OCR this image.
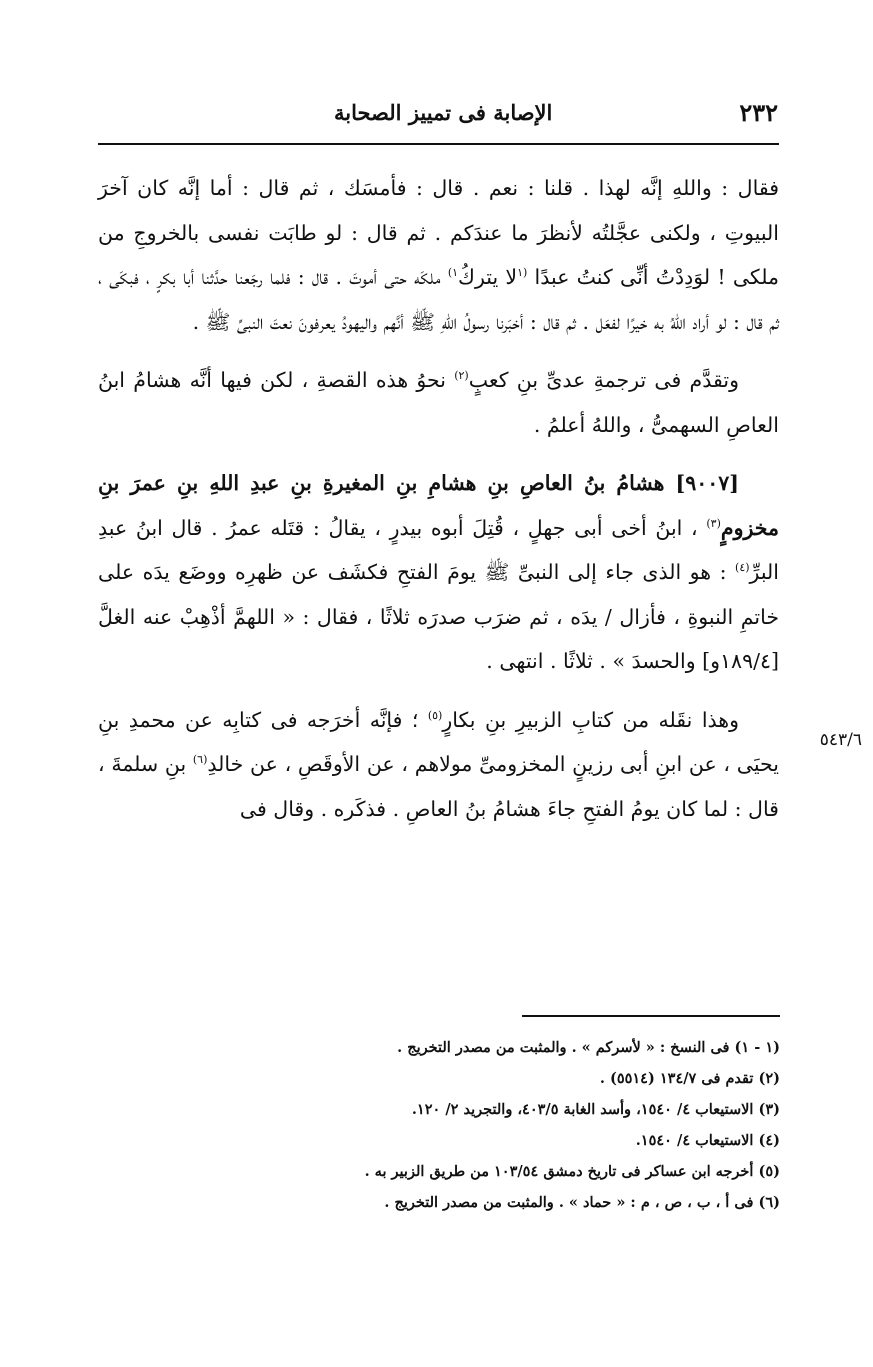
٢٣٢
الإصابة فى تمييز الصحابة

فقال : واللهِ إنَّه لهذا . قلنا : نعم . قال : فأمسَك ، ثم قال : أما إنَّه كان آخرَ البيوتِ ، ولكنى عجَّلتُه لأنظرَ ما عندَكم . ثم قال : لو طابَت نفسى بالخروجِ من ملكى ! لوَدِدْتُ أنِّى كنتُ عبدًا $^{(١}$لا يتركُ$^{١)}$ ملكَه حتى أموتَ . قال : فلما رجَعنا حدَّثنا أبا بكرٍ ، فبكَى ، ثم قال : لو أراد اللهُ به خيرًا لفعَل . ثم قال : أخبَرنا رسولُ اللهِ ﷺ أنَّهم واليهودُ يعرفونَ نعتَ النبىِّ ﷺ .

وتقدَّم فى ترجمةِ عدىِّ بنِ كعبٍ$^{(٢)}$ نحوُ هذه القصةِ ، لكن فيها أنَّه هشامُ ابنُ العاصِ السهمىُّ ، واللهُ أعلمُ .

[٩٠٠٧] هشامُ بنُ العاصِ بنِ هشامِ بنِ المغيرةِ بنِ عبدِ اللهِ بنِ عمرَ بنِ مخزومٍ$^{(٣)}$ ، ابنُ أخى أبى جهلٍ ، قُتِلَ أبوه بيدرٍ ، يقالُ : قتَله عمرُ . قال ابنُ عبدِ البرِّ$^{(٤)}$ : هو الذى جاء إلى النبىِّ ﷺ يومَ الفتحِ فكشَف عن ظهرِه ووضَع يدَه على خاتمِ النبوةِ ، فأزال / يدَه ، ثم ضرَب صدرَه ثلاثًا ، فقال : « اللهمَّ أذْهِبْ عنه الغلَّ [١٨٩/٤و] والحسدَ » . ثلاثًا . انتهى .

وهذا نقَله من كتابِ الزبيرِ بنِ بكارٍ$^{(٥)}$ ؛ فإنَّه أخرَجه فى كتابِه عن محمدِ بنِ يحيَى ، عن ابنِ أبى رزينٍ المخزومىِّ مولاهم ، عن الأوقَصِ ، عن خالدِ$^{(٦)}$ بنِ سلمةَ ، قال : لما كان يومُ الفتحِ جاءَ هشامُ بنُ العاصِ . فذكَره . وقال فى

٥٤٣/٦
(١ - ١) فى النسخ : « لأسركم » . والمثبت من مصدر التخريج .
(٢) تقدم فى ١٣٤/٧ (٥٥١٤) .
(٣) الاستيعاب ٤/ ١٥٤٠، وأسد الغابة ٤٠٣/٥، والتجريد ٢/ ١٢٠.
(٤) الاستيعاب ٤/ ١٥٤٠.
(٥) أخرجه ابن عساكر فى تاريخ دمشق ١٠٣/٥٤ من طريق الزبير به .
(٦) فى أ ، ب ، ص ، م : « حماد » . والمثبت من مصدر التخريج .
